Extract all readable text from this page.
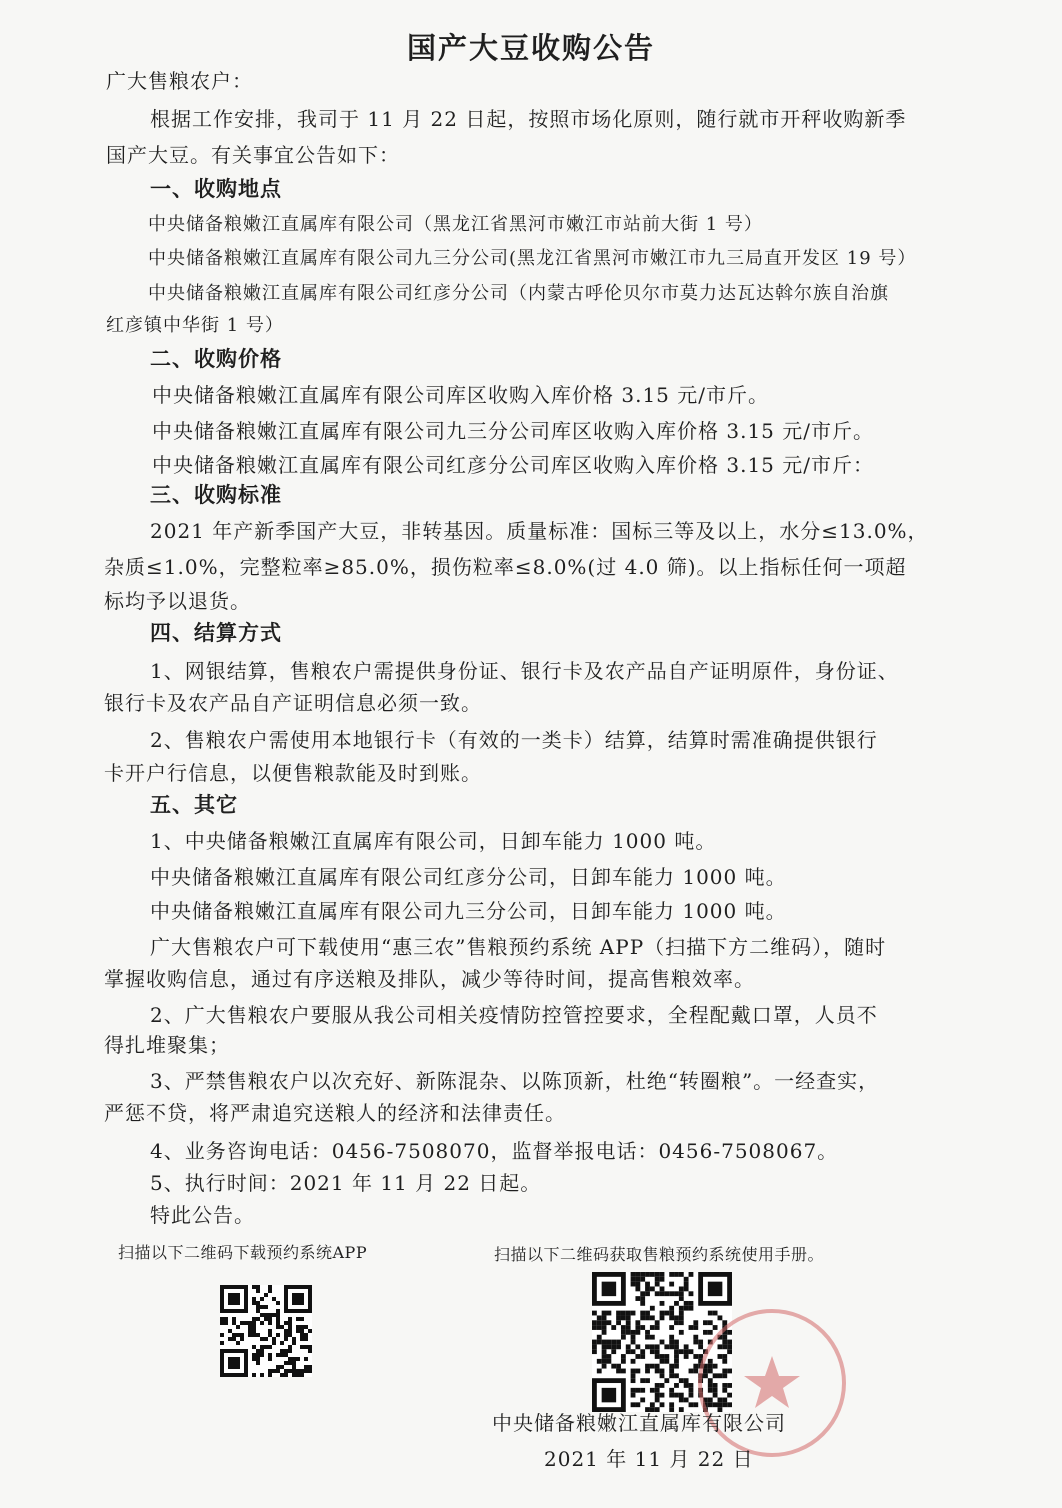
国产大豆收购公告
广大售粮农户：
根据工作安排，我司于 11 月 22 日起，按照市场化原则，随行就市开秤收购新季
国产大豆。有关事宜公告如下：
一、收购地点
中央储备粮嫩江直属库有限公司（黑龙江省黑河市嫩江市站前大街 1 号）
中央储备粮嫩江直属库有限公司九三分公司(黑龙江省黑河市嫩江市九三局直开发区 19 号）
中央储备粮嫩江直属库有限公司红彦分公司（内蒙古呼伦贝尔市莫力达瓦达斡尔族自治旗
红彦镇中华街 1 号）
二、收购价格
中央储备粮嫩江直属库有限公司库区收购入库价格 3.15 元/市斤。
中央储备粮嫩江直属库有限公司九三分公司库区收购入库价格 3.15 元/市斤。
中央储备粮嫩江直属库有限公司红彦分公司库区收购入库价格 3.15 元/市斤：
三、收购标准
2021 年产新季国产大豆，非转基因。质量标准：国标三等及以上，水分≤13.0%，
杂质≤1.0%，完整粒率≥85.0%，损伤粒率≤8.0%(过 4.0 筛)。以上指标任何一项超
标均予以退货。
四、结算方式
1、网银结算，售粮农户需提供身份证、银行卡及农产品自产证明原件，身份证、
银行卡及农产品自产证明信息必须一致。
2、售粮农户需使用本地银行卡（有效的一类卡）结算，结算时需准确提供银行
卡开户行信息，以便售粮款能及时到账。
五、其它
1、中央储备粮嫩江直属库有限公司，日卸车能力 1000 吨。
中央储备粮嫩江直属库有限公司红彦分公司，日卸车能力 1000 吨。
中央储备粮嫩江直属库有限公司九三分公司，日卸车能力 1000 吨。
广大售粮农户可下载使用“惠三农”售粮预约系统 APP（扫描下方二维码），随时
掌握收购信息，通过有序送粮及排队，减少等待时间，提高售粮效率。
2、广大售粮农户要服从我公司相关疫情防控管控要求，全程配戴口罩，人员不
得扎堆聚集；
3、严禁售粮农户以次充好、新陈混杂、以陈顶新，杜绝“转圈粮”。一经查实，
严惩不贷，将严肃追究送粮人的经济和法律责任。
4、业务咨询电话：0456-7508070，监督举报电话：0456-7508067。
5、执行时间：2021 年 11 月 22 日起。
特此公告。
扫描以下二维码下载预约系统APP	扫描以下二维码获取售粮预约系统使用手册。
中央储备粮嫩江直属库有限公司
2021 年 11 月 22 日
